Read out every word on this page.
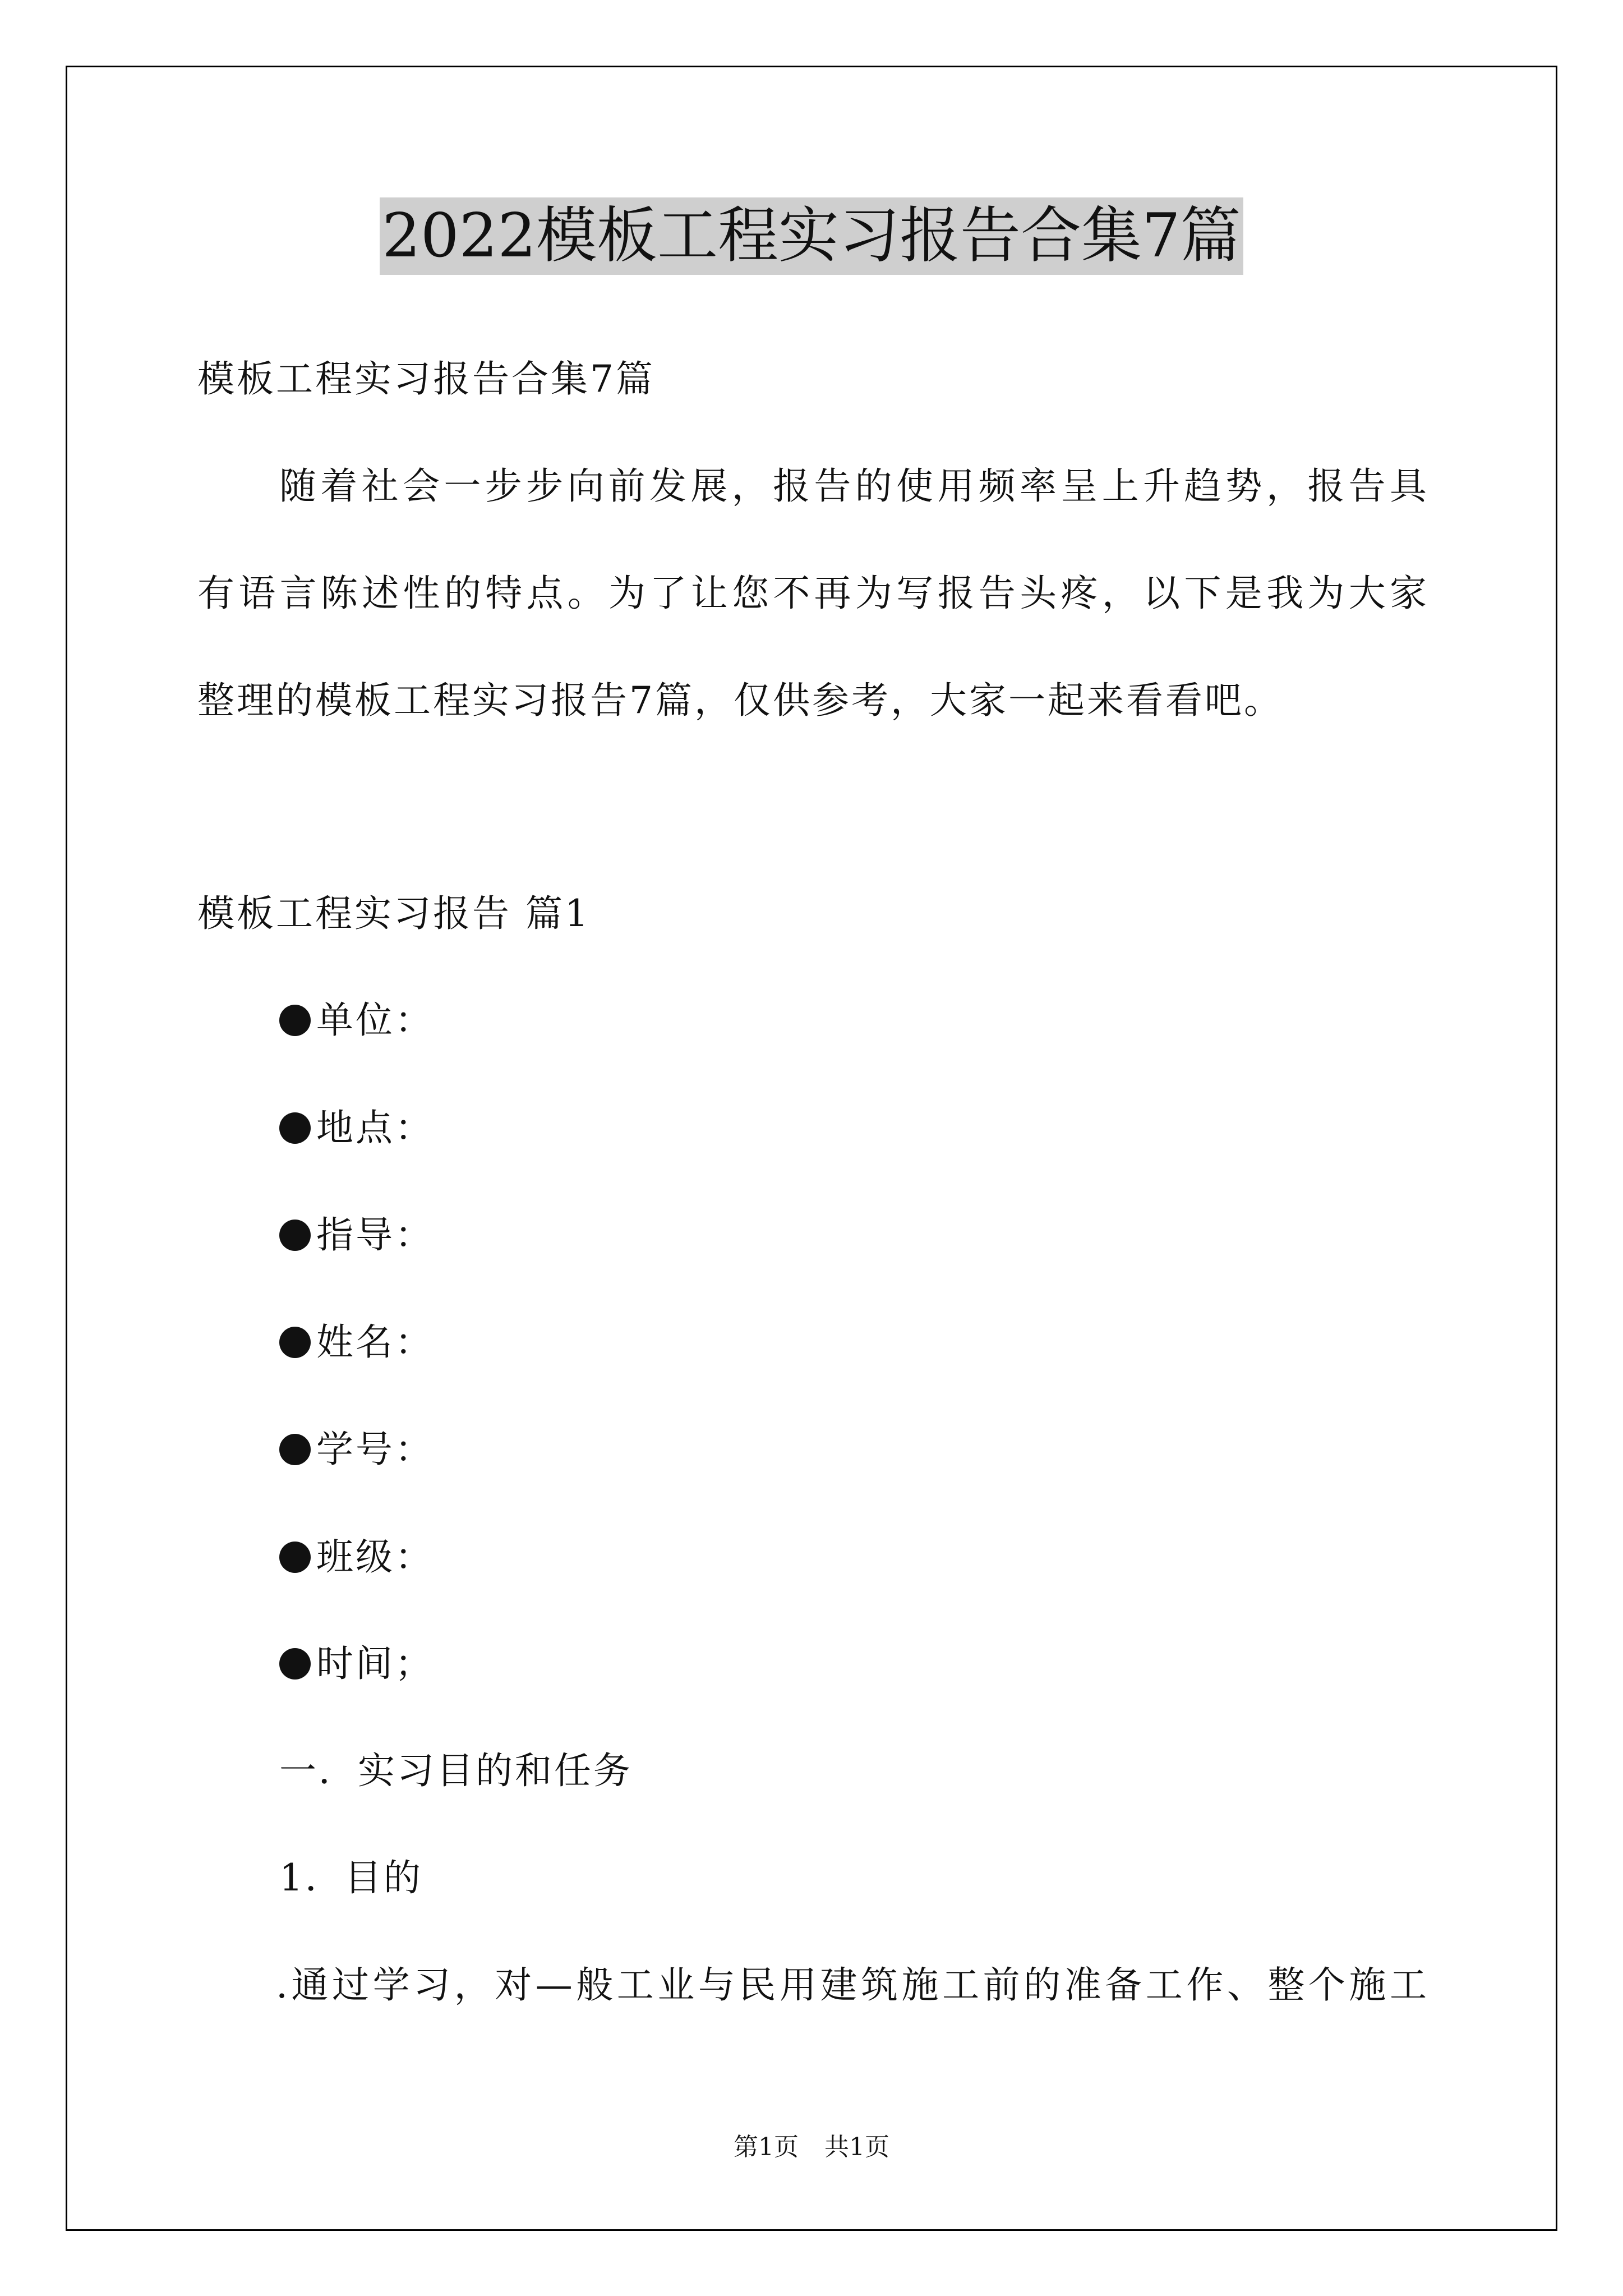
2022模板工程实习报告合集7篇
模板工程实习报告合集7篇
随着社会一步步向前发展，报告的使用频率呈上升趋势，报告具
有语言陈述性的特点。为了让您不再为写报告头疼，以下是我为大家
整理的模板工程实习报告7篇，仅供参考，大家一起来看看吧。
模板工程实习报告 篇1
单位：
地点：
指导：
姓名：
学号：
班级：
时间；
一．实习目的和任务
1．目的
.通过学习，对—般工业与民用建筑施工前的准备工作、整个施工
第1页 共1页
